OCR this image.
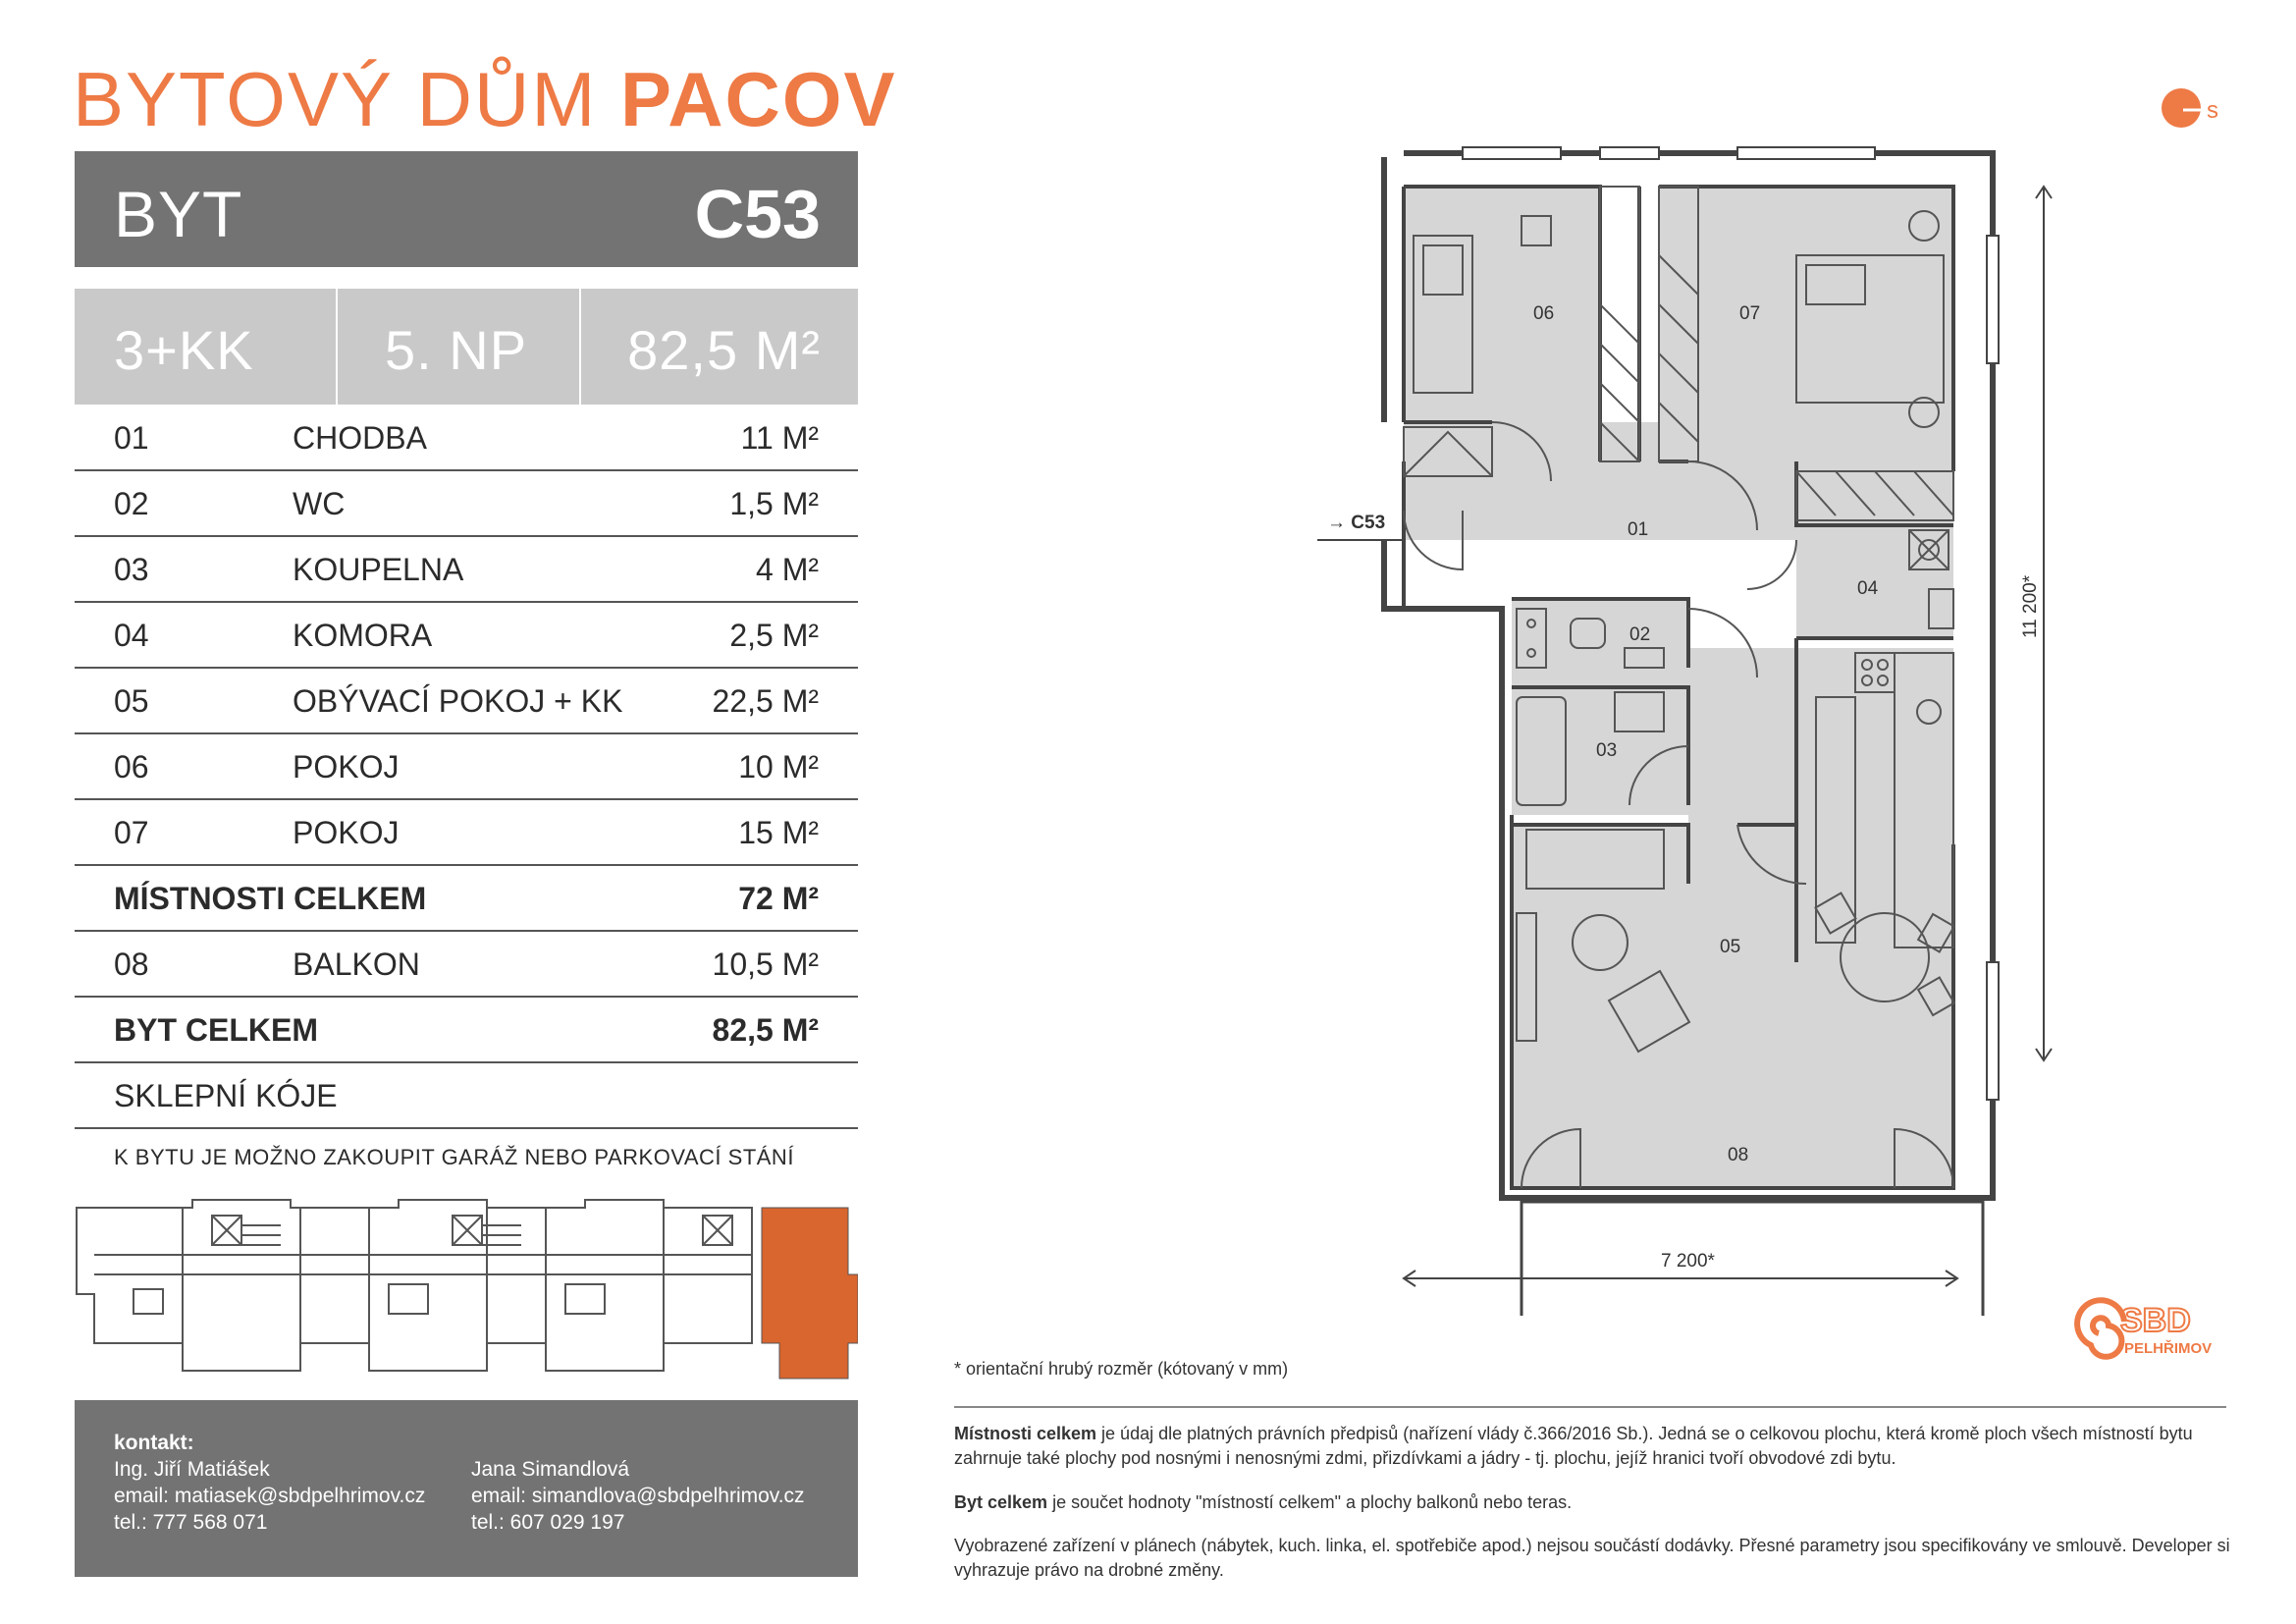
BYTOVÝ DŮM PACOV	s
BYT	C53
3+KK 5. NP 82,5 M²
01	CHODBA	11 M²
02	WC	1,5 M²
03	KOUPELNA	4 M²
04	KOMORA	2,5 M²
05	OBÝVACÍ POKOJ + KK	22,5 M²
06	POKOJ	10 M²
07	POKOJ	15 M²
MÍSTNOSTI CELKEM	72 M²
08	BALKON	10,5 M²
BYT CELKEM	82,5 M²
SKLEPNÍ KÓJE
K BYTU JE MOŽNO ZAKOUPIT GARÁŽ NEBO PARKOVACÍ STÁNÍ
kontakt:
Ing. Jiří Matiášek
email: matiasek@sbdpelhrimov.cz
tel.: 777 568 071
Jana Simandlová
email: simandlova@sbdpelhrimov.cz
tel.: 607 029 197
→ C53
06	07
01
04
02
03
05
08
7 200*
11 200*
SBD
PELHŘIMOV
* orientační hrubý rozměr (kótovaný v mm)
Místnosti celkem je údaj dle platných právních předpisů (nařízení vlády č.366/2016 Sb.). Jedná se o celkovou plochu, která kromě ploch všech místností bytu zahrnuje také plochy pod nosnými i nenosnými zdmi, přizdívkami a jádry - tj. plochu, jejíž hranici tvoří obvodové zdi bytu.
Byt celkem je součet hodnoty "místností celkem" a plochy balkonů nebo teras.
Vyobrazené zařízení v plánech (nábytek, kuch. linka, el. spotřebiče apod.) nejsou součástí dodávky. Přesné parametry jsou specifikovány ve smlouvě. Developer si vyhrazuje právo na drobné změny.
